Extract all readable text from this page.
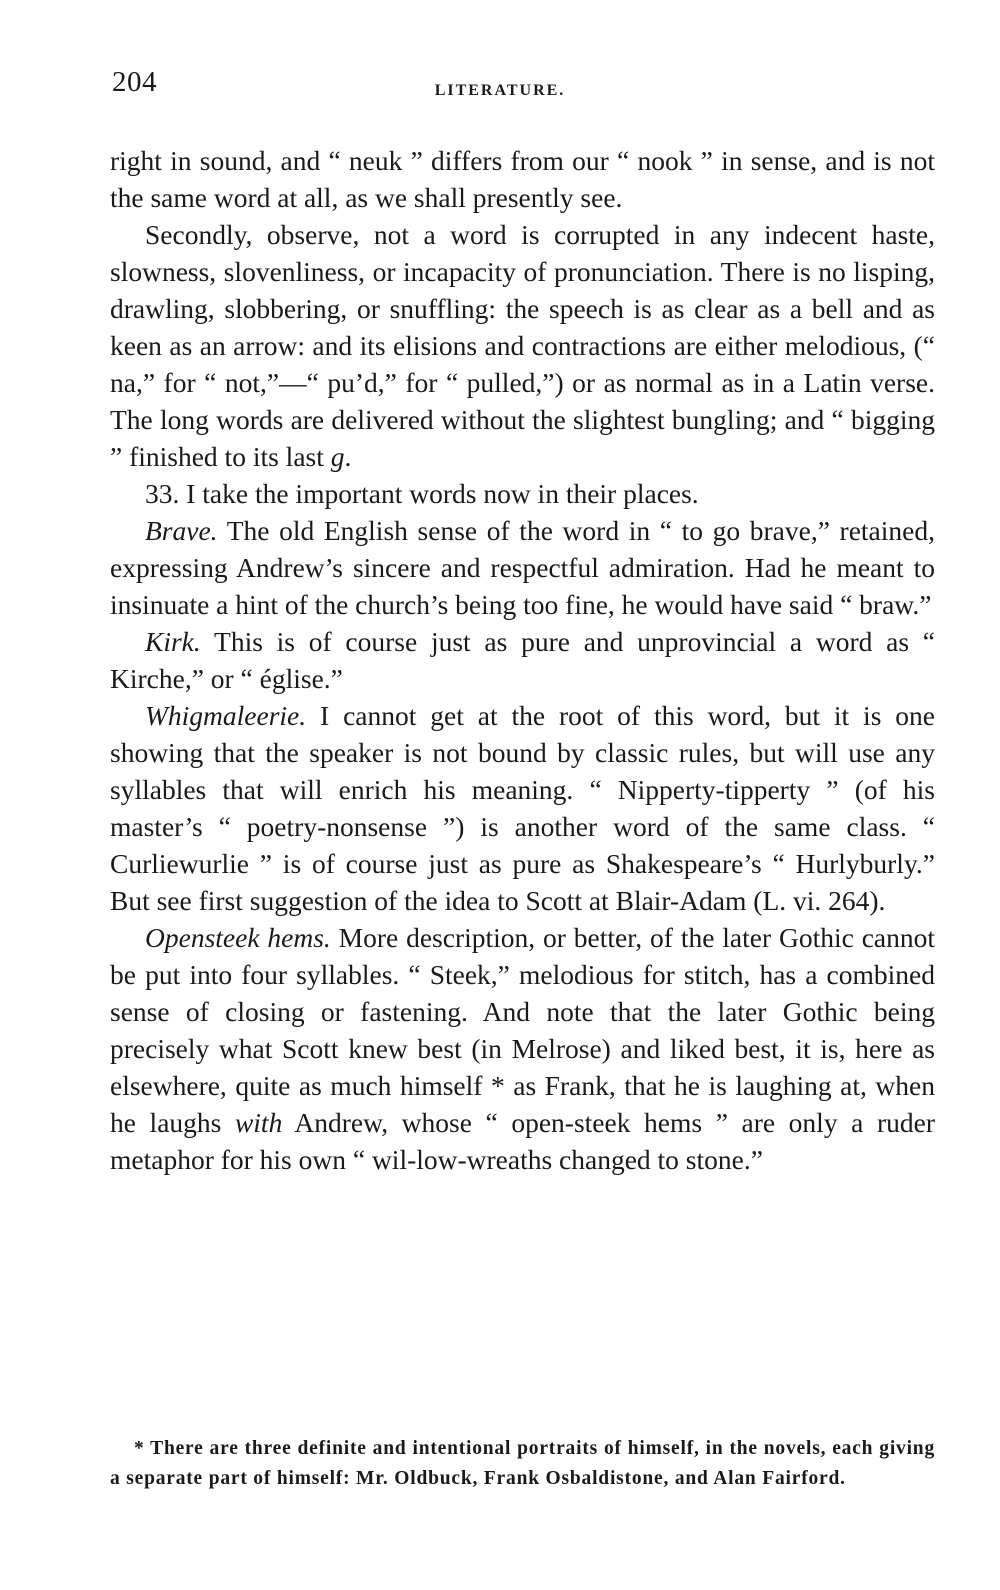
204	LITERATURE.

right in sound, and “ neuk ” differs from our “ nook ” in sense, and is not the same word at all, as we shall presently see.

Secondly, observe, not a word is corrupted in any indecent haste, slowness, slovenliness, or incapacity of pronunciation. There is no lisping, drawling, slobbering, or snuffling: the speech is as clear as a bell and as keen as an arrow: and its elisions and contractions are either melodious, (“ na,” for “ not,”—“ pu’d,” for “ pulled,”) or as normal as in a Latin verse. The long words are delivered without the slightest bungling; and “ bigging ” finished to its last g.

33. I take the important words now in their places.

Brave. The old English sense of the word in “ to go brave,” retained, expressing Andrew’s sincere and respectful admiration. Had he meant to insinuate a hint of the church’s being too fine, he would have said “ braw.”

Kirk. This is of course just as pure and unprovincial a word as “ Kirche,” or “ église.”

Whigmaleerie. I cannot get at the root of this word, but it is one showing that the speaker is not bound by classic rules, but will use any syllables that will enrich his meaning. “ Nipperty-tipperty ” (of his master’s “ poetry-nonsense ”) is another word of the same class. “ Curliewurlie ” is of course just as pure as Shakespeare’s “ Hurlyburly.” But see first suggestion of the idea to Scott at Blair-Adam (L. vi. 264).

Opensteek hems. More description, or better, of the later Gothic cannot be put into four syllables. “ Steek,” melodious for stitch, has a combined sense of closing or fastening. And note that the later Gothic being precisely what Scott knew best (in Melrose) and liked best, it is, here as elsewhere, quite as much himself * as Frank, that he is laughing at, when he laughs with Andrew, whose “ open-steek hems ” are only a ruder metaphor for his own “ wil-low-wreaths changed to stone.”

* There are three definite and intentional portraits of himself, in the novels, each giving a separate part of himself: Mr. Oldbuck, Frank Osbaldistone, and Alan Fairford.
